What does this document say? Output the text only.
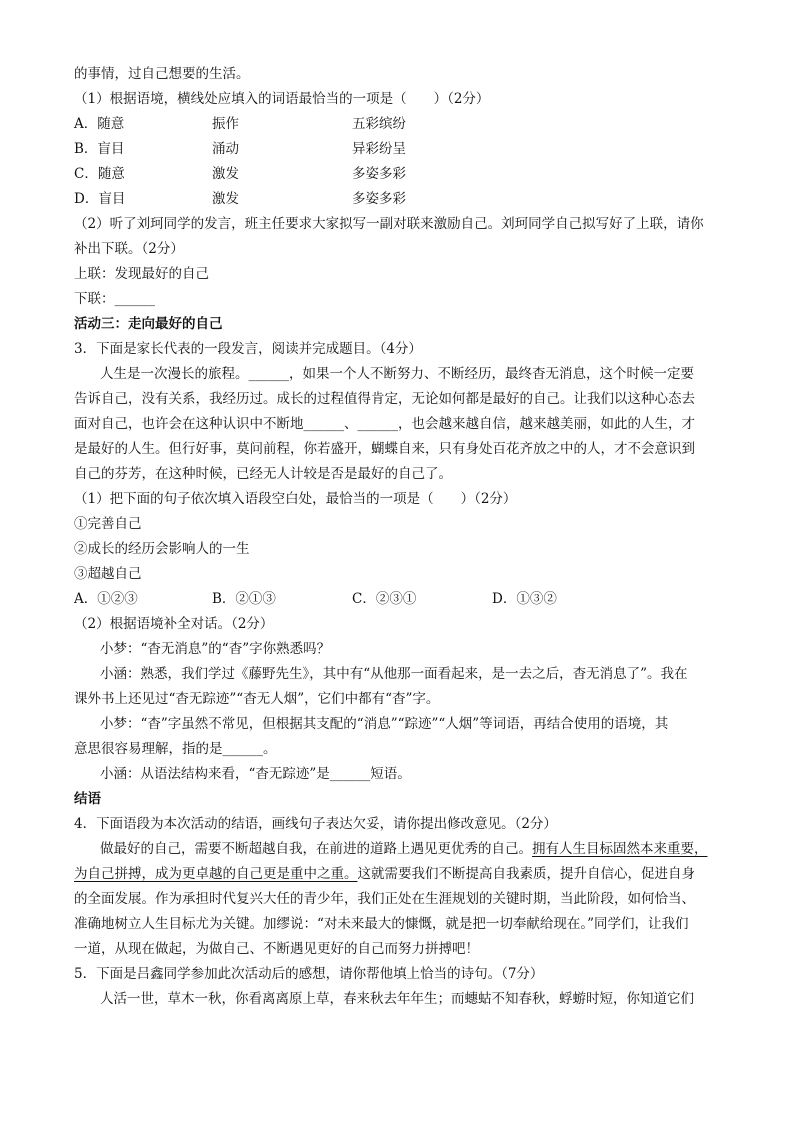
的事情，过自己想要的生活。
（1）根据语境，横线处应填入的词语最恰当的一项是（　　）（2分）
A．随意	振作	五彩缤纷
B．盲目	涌动	异彩纷呈
C．随意	激发	多姿多彩
D．盲目	激发	多姿多彩
（2）听了刘珂同学的发言，班主任要求大家拟写一副对联来激励自己。刘珂同学自己拟写好了上联，请你
补出下联。（2分）
上联：发现最好的自己
下联：______
活动三：走向最好的自己
3．下面是家长代表的一段发言，阅读并完成题目。（4分）
人生是一次漫长的旅程。______，如果一个人不断努力、不断经历，最终杳无消息，这个时候一定要
告诉自己，没有关系，我经历过。成长的过程值得肯定，无论如何都是最好的自己。让我们以这种心态去
面对自己，也许会在这种认识中不断地______、______，也会越来越自信，越来越美丽，如此的人生，才
是最好的人生。但行好事，莫问前程，你若盛开，蝴蝶自来，只有身处百花齐放之中的人，才不会意识到
自己的芬芳，在这种时候，已经无人计较是否是最好的自己了。
（1）把下面的句子依次填入语段空白处，最恰当的一项是（　　）（2分）
①完善自己
②成长的经历会影响人的一生
③超越自己
A．①②③	B．②①③	C．②③①	D．①③②
（2）根据语境补全对话。（2分）
小梦：“杳无消息”的“杳”字你熟悉吗？
小涵：熟悉，我们学过《藤野先生》，其中有“从他那一面看起来，是一去之后，杳无消息了”。我在
课外书上还见过“杳无踪迹”“杳无人烟”，它们中都有“杳”字。
小梦：“杳”字虽然不常见，但根据其支配的“消息”“踪迹”“人烟”等词语，再结合使用的语境，其
意思很容易理解，指的是______。
小涵：从语法结构来看，“杳无踪迹”是______短语。
结语
4．下面语段为本次活动的结语，画线句子表达欠妥，请你提出修改意见。（2分）
做最好的自己，需要不断超越自我，在前进的道路上遇见更优秀的自己。拥有人生目标固然本来重要，
为自己拼搏，成为更卓越的自己更是重中之重。这就需要我们不断提高自我素质，提升自信心，促进自身
的全面发展。作为承担时代复兴大任的青少年，我们正处在生涯规划的关键时期，当此阶段，如何恰当、
准确地树立人生目标尤为关键。加缪说：“对未来最大的慷慨，就是把一切奉献给现在。”同学们，让我们
一道，从现在做起，为做自己、不断遇见更好的自己而努力拼搏吧！
5．下面是吕鑫同学参加此次活动后的感想，请你帮他填上恰当的诗句。（7分）
人活一世，草木一秋，你看离离原上草，春来秋去年年生；而蟪蛄不知春秋，蜉蝣时短，你知道它们
